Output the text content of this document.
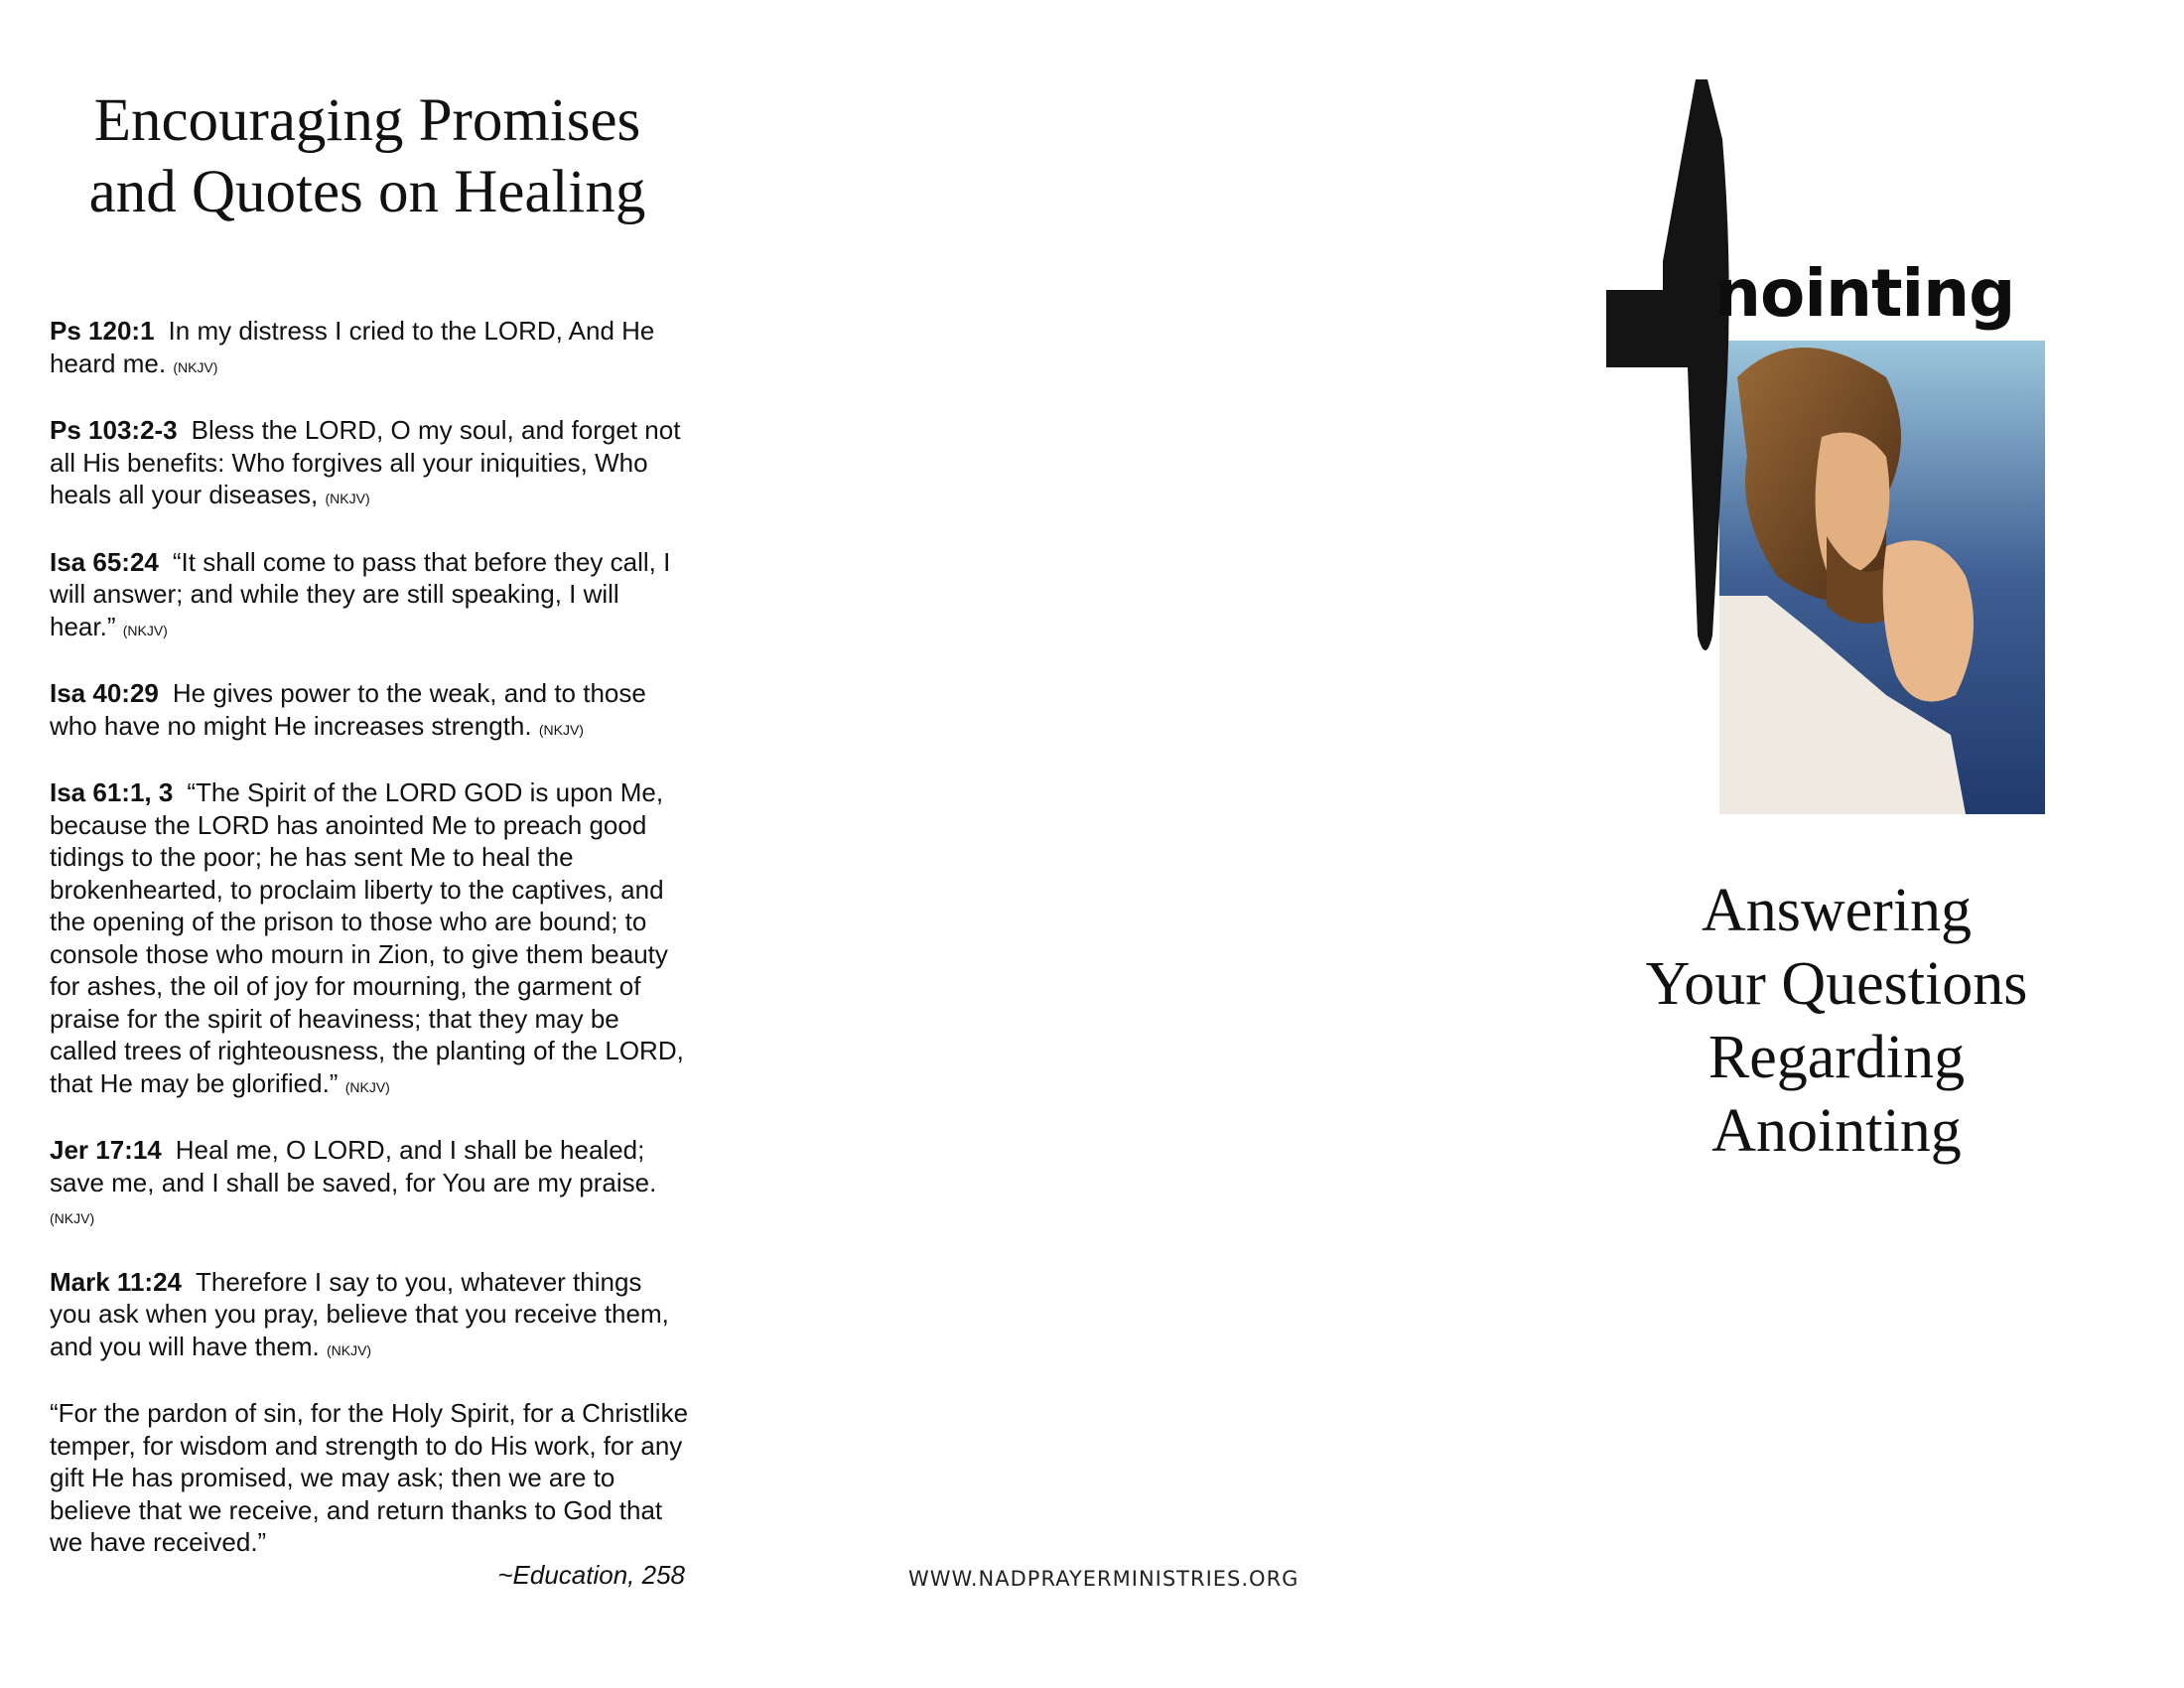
Encouraging Promises
and Quotes on Healing
Ps 120:1 In my distress I cried to the LORD, And He heard me. (NKJV)
Ps 103:2-3 Bless the LORD, O my soul, and forget not all His benefits: Who forgives all your iniquities, Who heals all your diseases, (NKJV)
Isa 65:24 “It shall come to pass that before they call, I will answer; and while they are still speaking, I will hear.” (NKJV)
Isa 40:29 He gives power to the weak, and to those who have no might He increases strength. (NKJV)
Isa 61:1, 3 “The Spirit of the LORD GOD is upon Me, because the LORD has anointed Me to preach good tidings to the poor; he has sent Me to heal the brokenhearted, to proclaim liberty to the captives, and the opening of the prison to those who are bound; to console those who mourn in Zion, to give them beauty for ashes, the oil of joy for mourning, the garment of praise for the spirit of heaviness; that they may be called trees of righteousness, the planting of the LORD, that He may be glorified.” (NKJV)
Jer 17:14 Heal me, O LORD, and I shall be healed; save me, and I shall be saved, for You are my praise. (NKJV)
Mark 11:24 Therefore I say to you, whatever things you ask when you pray, believe that you receive them, and you will have them. (NKJV)
“For the pardon of sin, for the Holy Spirit, for a Christlike temper, for wisdom and strength to do His work, for any gift He has promised, we may ask; then we are to believe that we receive, and return thanks to God that we have received.”
~Education, 258	WWW.NADPRAYERMINISTRIES.ORG
nointing
Answering
Your Questions
Regarding
Anointing
